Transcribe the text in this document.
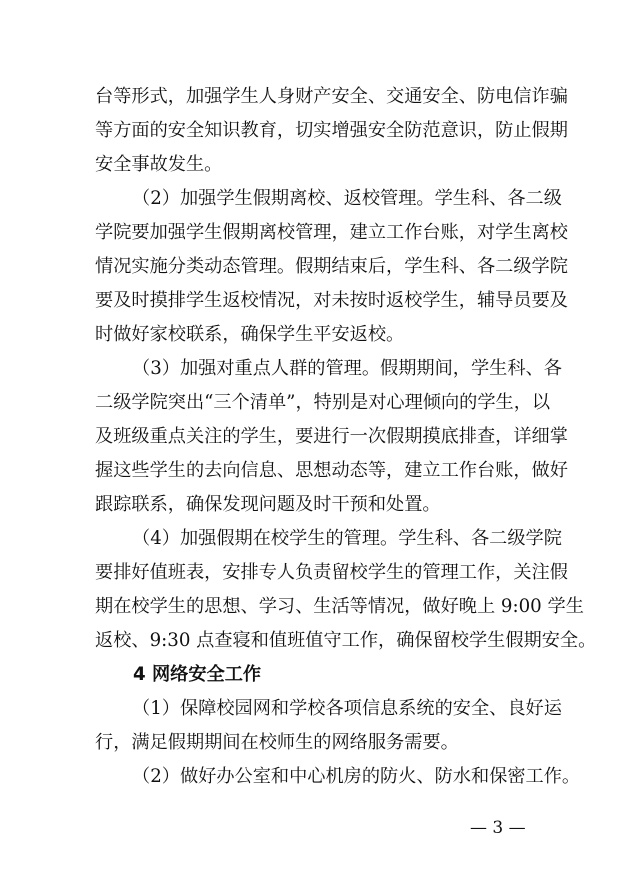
台等形式，加强学生人身财产安全、交通安全、防电信诈骗
等方面的安全知识教育，切实增强安全防范意识，防止假期
安全事故发生。
（2）加强学生假期离校、返校管理。学生科、各二级
学院要加强学生假期离校管理，建立工作台账，对学生离校
情况实施分类动态管理。假期结束后，学生科、各二级学院
要及时摸排学生返校情况，对未按时返校学生，辅导员要及
时做好家校联系，确保学生平安返校。
（3）加强对重点人群的管理。假期期间，学生科、各
二级学院突出“三个清单”，特别是对心理倾向的学生，以
及班级重点关注的学生，要进行一次假期摸底排查，详细掌
握这些学生的去向信息、思想动态等，建立工作台账，做好
跟踪联系，确保发现问题及时干预和处置。
（4）加强假期在校学生的管理。学生科、各二级学院
要排好值班表，安排专人负责留校学生的管理工作，关注假
期在校学生的思想、学习、生活等情况，做好晚上 9:00 学生
返校、9:30 点查寝和值班值守工作，确保留校学生假期安全。
4 网络安全工作
（1）保障校园网和学校各项信息系统的安全、良好运
行，满足假期期间在校师生的网络服务需要。
（2）做好办公室和中心机房的防火、防水和保密工作。
— 3 —
